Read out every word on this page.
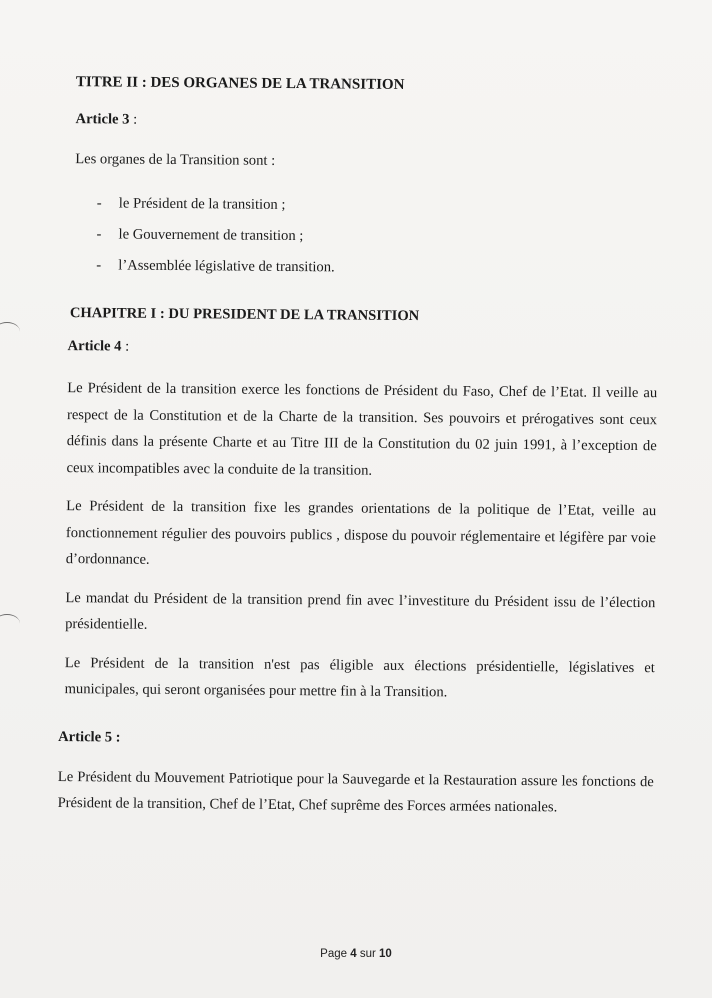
TITRE II : DES ORGANES DE LA TRANSITION
Article 3 :

Les organes de la Transition sont :

- le Président de la transition ;
- le Gouvernement de transition ;
- l’Assemblée législative de transition.
CHAPITRE I : DU PRESIDENT DE LA TRANSITION
Article 4 :

Le Président de la transition exerce les fonctions de Président du Faso, Chef de l’Etat. Il veille au respect de la Constitution et de la Charte de la transition. Ses pouvoirs et prérogatives sont ceux définis dans la présente Charte et au Titre III de la Constitution du 02 juin 1991, à l’exception de ceux incompatibles avec la conduite de la transition.

Le Président de la transition fixe les grandes orientations de la politique de l’Etat, veille au fonctionnement régulier des pouvoirs publics , dispose du pouvoir réglementaire et légifère par voie d’ordonnance.

Le mandat du Président de la transition prend fin avec l’investiture du Président issu de l’élection présidentielle.

Le Président de la transition n'est pas éligible aux élections présidentielle, législatives et municipales, qui seront organisées pour mettre fin à la Transition.

Article 5 :

Le Président du Mouvement Patriotique pour la Sauvegarde et la Restauration assure les fonctions de Président de la transition, Chef de l’Etat, Chef suprême des Forces armées nationales.

Page 4 sur 10
